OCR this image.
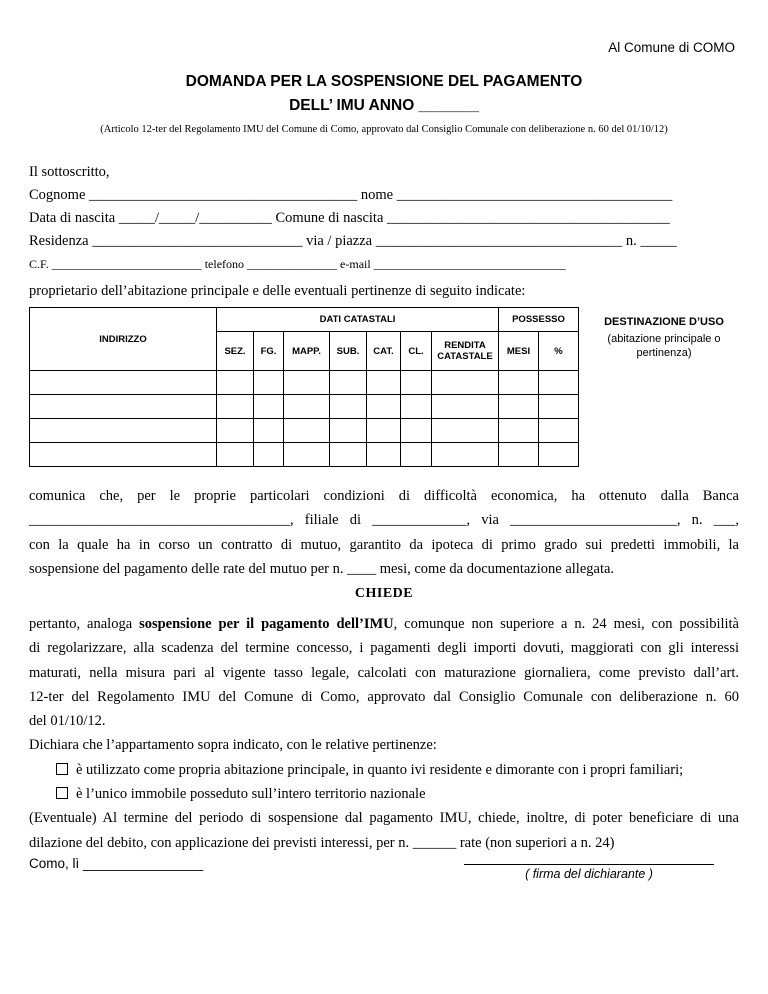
Al Comune di COMO
DOMANDA PER LA SOSPENSIONE DEL PAGAMENTO
DELL’ IMU ANNO _______
(Articolo 12-ter del Regolamento IMU del Comune di Como, approvato dal Consiglio Comunale con deliberazione n. 60 del 01/10/12)
Il sottoscritto,
Cognome _____________________________________ nome ______________________________________
Data di nascita _____/_____/__________ Comune di nascita _______________________________________
Residenza _____________________________ via / piazza __________________________________ n. _____
C.F. _________________________ telefono _______________ e-mail ________________________________
proprietario dell’abitazione principale e delle eventuali pertinenze di seguito indicate:
INDIRIZZO	DATI CATASTALI							POSSESSO		
	SEZ.	FG.	MAPP.	SUB.	CAT.	CL.	RENDITA CATASTALE	MESI	%	

DESTINAZIONE D’USO
(abitazione principale o pertinenza)
comunica che, per le proprie particolari condizioni di difficoltà economica, ha ottenuto dalla Banca
____________________________________, filiale di _____________, via _______________________, n. ___,
con la quale ha in corso un contratto di mutuo, garantito da ipoteca di primo grado sui predetti immobili, la
sospensione del pagamento delle rate del mutuo per n. ____ mesi, come da documentazione allegata.
CHIEDE
pertanto, analoga sospensione per il pagamento dell’IMU, comunque non superiore a n. 24 mesi, con possibilità
di regolarizzare, alla scadenza del termine concesso, i pagamenti degli importi dovuti, maggiorati con gli interessi
maturati, nella misura pari al vigente tasso legale, calcolati con maturazione giornaliera, come previsto dall’art.
12-ter del Regolamento IMU del Comune di Como, approvato dal Consiglio Comunale con deliberazione n. 60
del 01/10/12.
Dichiara che l’appartamento sopra indicato, con le relative pertinenze:
è utilizzato come propria abitazione principale, in quanto ivi residente e dimorante con i propri familiari;
è l’unico immobile posseduto sull’intero territorio nazionale
(Eventuale) Al termine del periodo di sospensione dal pagamento IMU, chiede, inoltre, di poter beneficiare di una
dilazione del debito, con applicazione dei previsti interessi, per n. ______ rate (non superiori a n. 24)
Como, lì ________________
( firma del dichiarante )
